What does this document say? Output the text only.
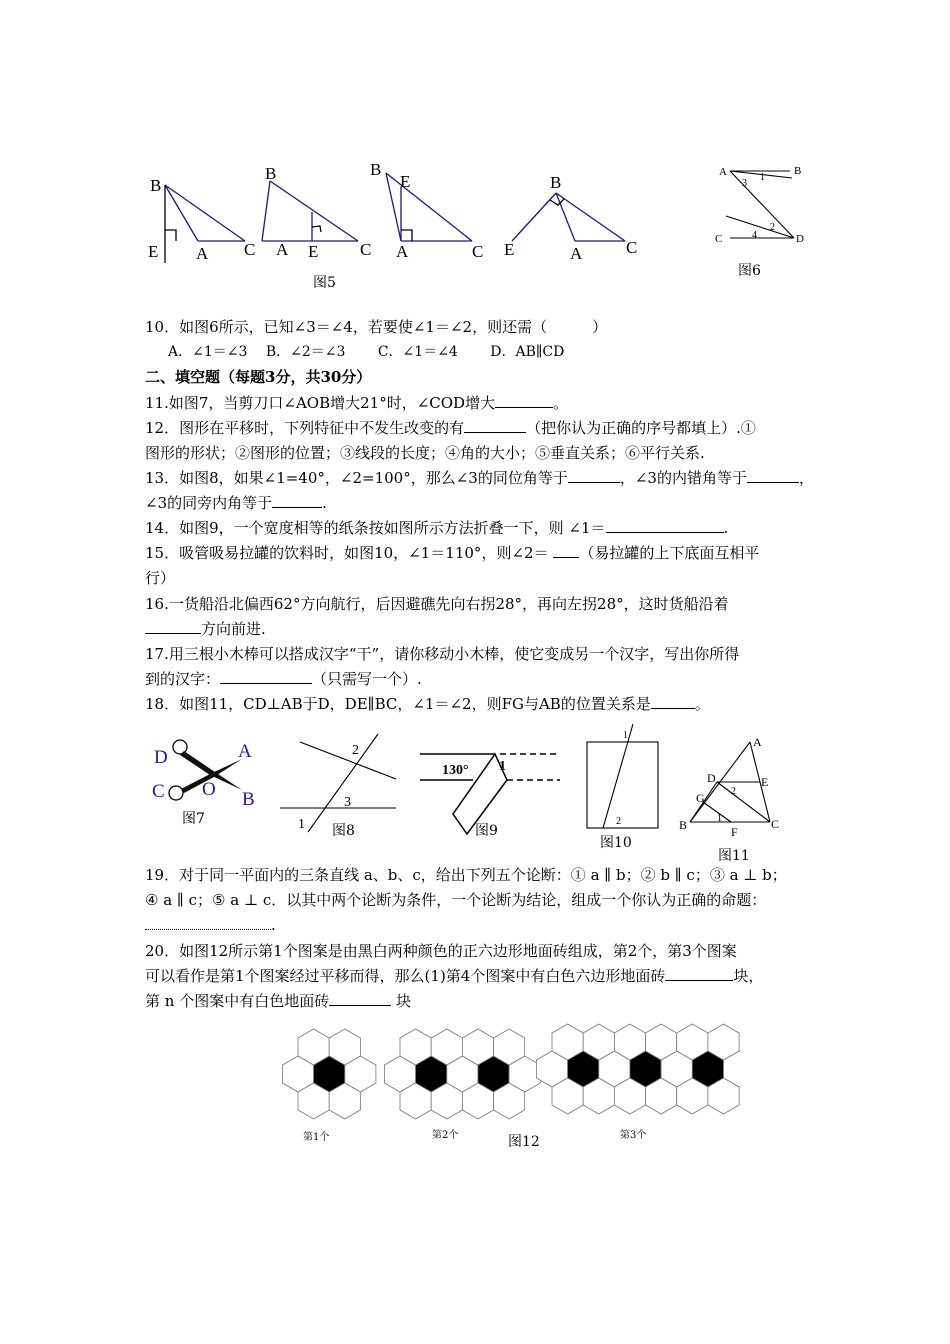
B
E A C
B
A E C
B
E
A	C
B
E	A	C
图5
A	B
C	D
3
1
4
2
图6
10．如图6所示，已知∠3＝∠4，若要使∠1＝∠2，则还需（　　　）
A．∠1＝∠3　 B．∠2＝∠3　　 C．∠1＝∠4　　 D．AB∥CD
二、填空题（每题3分，共30分）
11.如图7，当剪刀口∠AOB增大21°时，∠COD增大	。
12．图形在平移时，下列特征中不发生改变的有	（把你认为正确的序号都填上）.①
图形的形状；②图形的位置；③线段的长度；④角的大小；⑤垂直关系；⑥平行关系.
13．如图8，如果∠1=40°，∠2=100°，那么∠3的同位角等于	，∠3的内错角等于	，
∠3的同旁内角等于	.
14．如图9，一个宽度相等的纸条按如图所示方法折叠一下，则 ∠1＝	.
15．吸管吸易拉罐的饮料时，如图10，∠1＝110°，则∠2＝ （易拉罐的上下底面互相平
行）
16.一货船沿北偏西62°方向航行，后因避礁先向右拐28°，再向左拐28°，这时货船沿着
方向前进.
17.用三根小木棒可以搭成汉字“干”，请你移动小木棒，使它变成另一个汉字，写出你所得
到的汉字：	（只需写一个）.
18．如图11，CD⊥AB于D，DE∥BC，∠1＝∠2，则FG与AB的位置关系是	。
D	A
C O B
图7
2
1
3
图8
130° 1
图9
1
2
图10
A
D	E
G	2
B	1
F
C
图11
19．对于同一平面内的三条直线 a、b、c，给出下列五个论断：① a ∥ b；② b ∥ c；③ a ⊥ b；
④ a ∥ c；⑤ a ⊥ c．以其中两个论断为条件，一个论断为结论，组成一个你认为正确的命题：
.
20．如图12所示第1个图案是由黑白两种颜色的正六边形地面砖组成，第2个，第3个图案
可以看作是第1个图案经过平移而得，那么(1)第4个图案中有白色六边形地面砖	块，
第 n 个图案中有白色地面砖	块
第1个	第2个	第3个
图12
